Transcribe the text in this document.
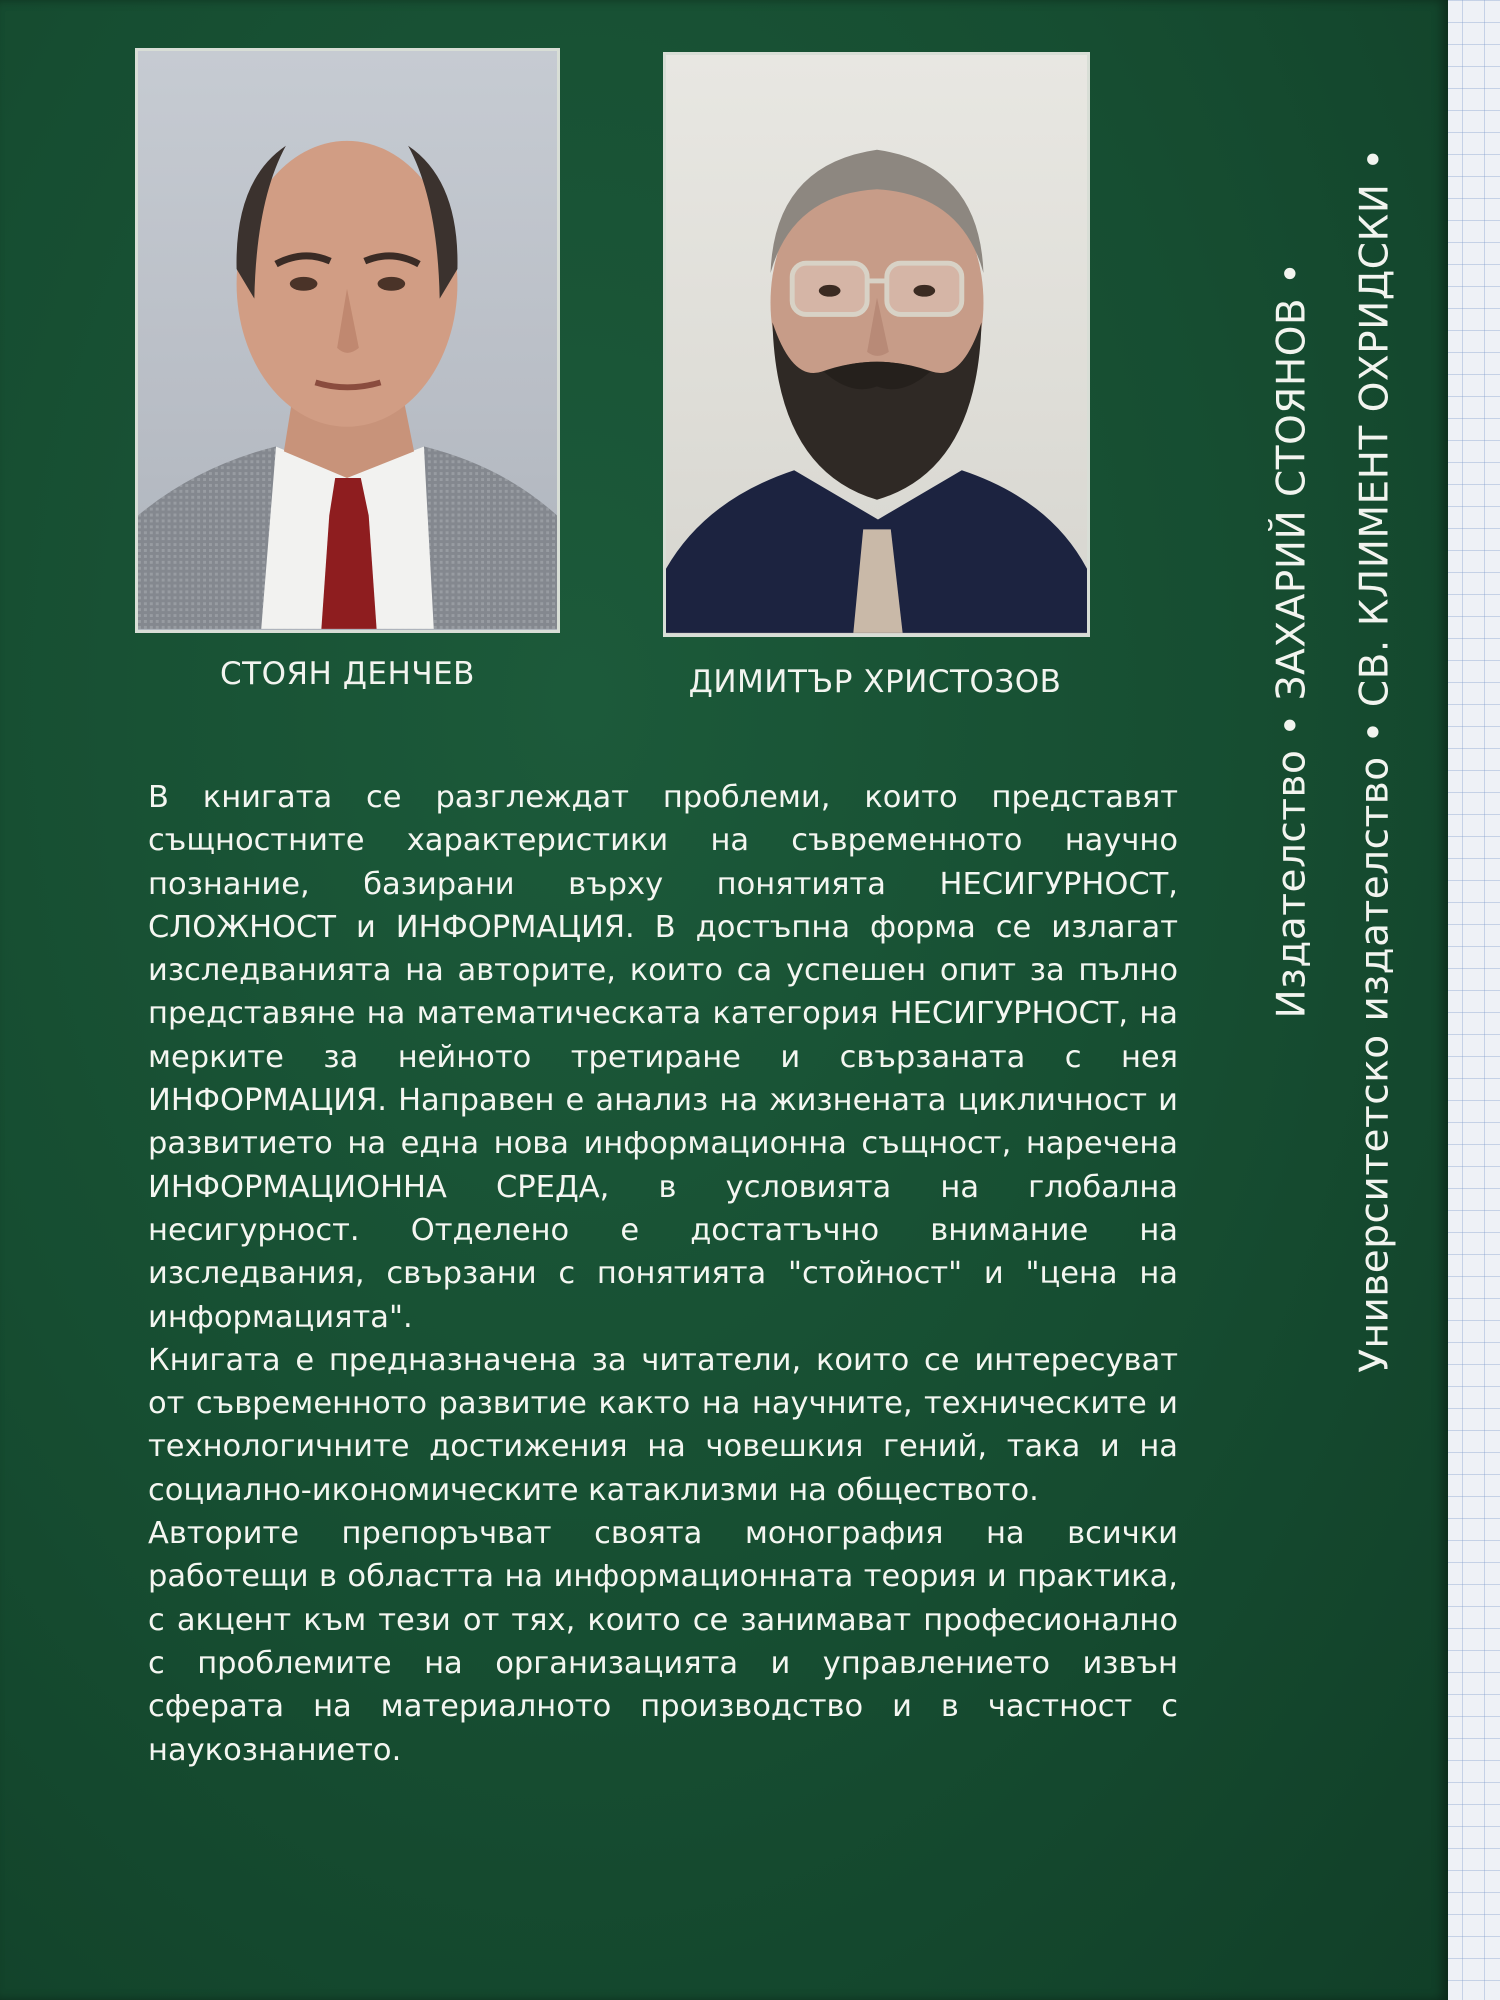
СТОЯН ДЕНЧЕВ	ДИМИТЪР ХРИСТОЗОВ

В книгата се разглеждат проблеми, които представят същностните характеристики на съвременното научно познание, базирани върху понятията НЕСИГУРНОСТ, СЛОЖНОСТ и ИНФОРМАЦИЯ. В достъпна форма се излагат изследванията на авторите, които са успешен опит за пълно представяне на математическата категория НЕСИГУРНОСТ, на мерките за нейното третиране и свързаната с нея ИНФОРМАЦИЯ. Направен е анализ на жизнената цикличност и развитието на една нова информационна същност, наречена ИНФОРМАЦИОННА СРЕДА, в условията на глобална несигурност. Отделено е достатъчно внимание на изследвания, свързани с понятията "стойност" и "цена на информацията".

Книгата е предназначена за читатели, които се интересуват от съвременното развитие както на научните, техническите и технологичните достижения на човешкия гений, така и на социално-икономическите катаклизми на обществото.

Авторите препоръчват своята монография на всички работещи в областта на информационната теория и практика, с акцент към тези от тях, които се занимават професионално с проблемите на организацията и управлението извън сферата на материалното производство и в частност с наукознанието.

Издателство • ЗАХАРИЙ СТОЯНОВ • Университетско издателство • СВ. КЛИМЕНТ ОХРИДСКИ •
